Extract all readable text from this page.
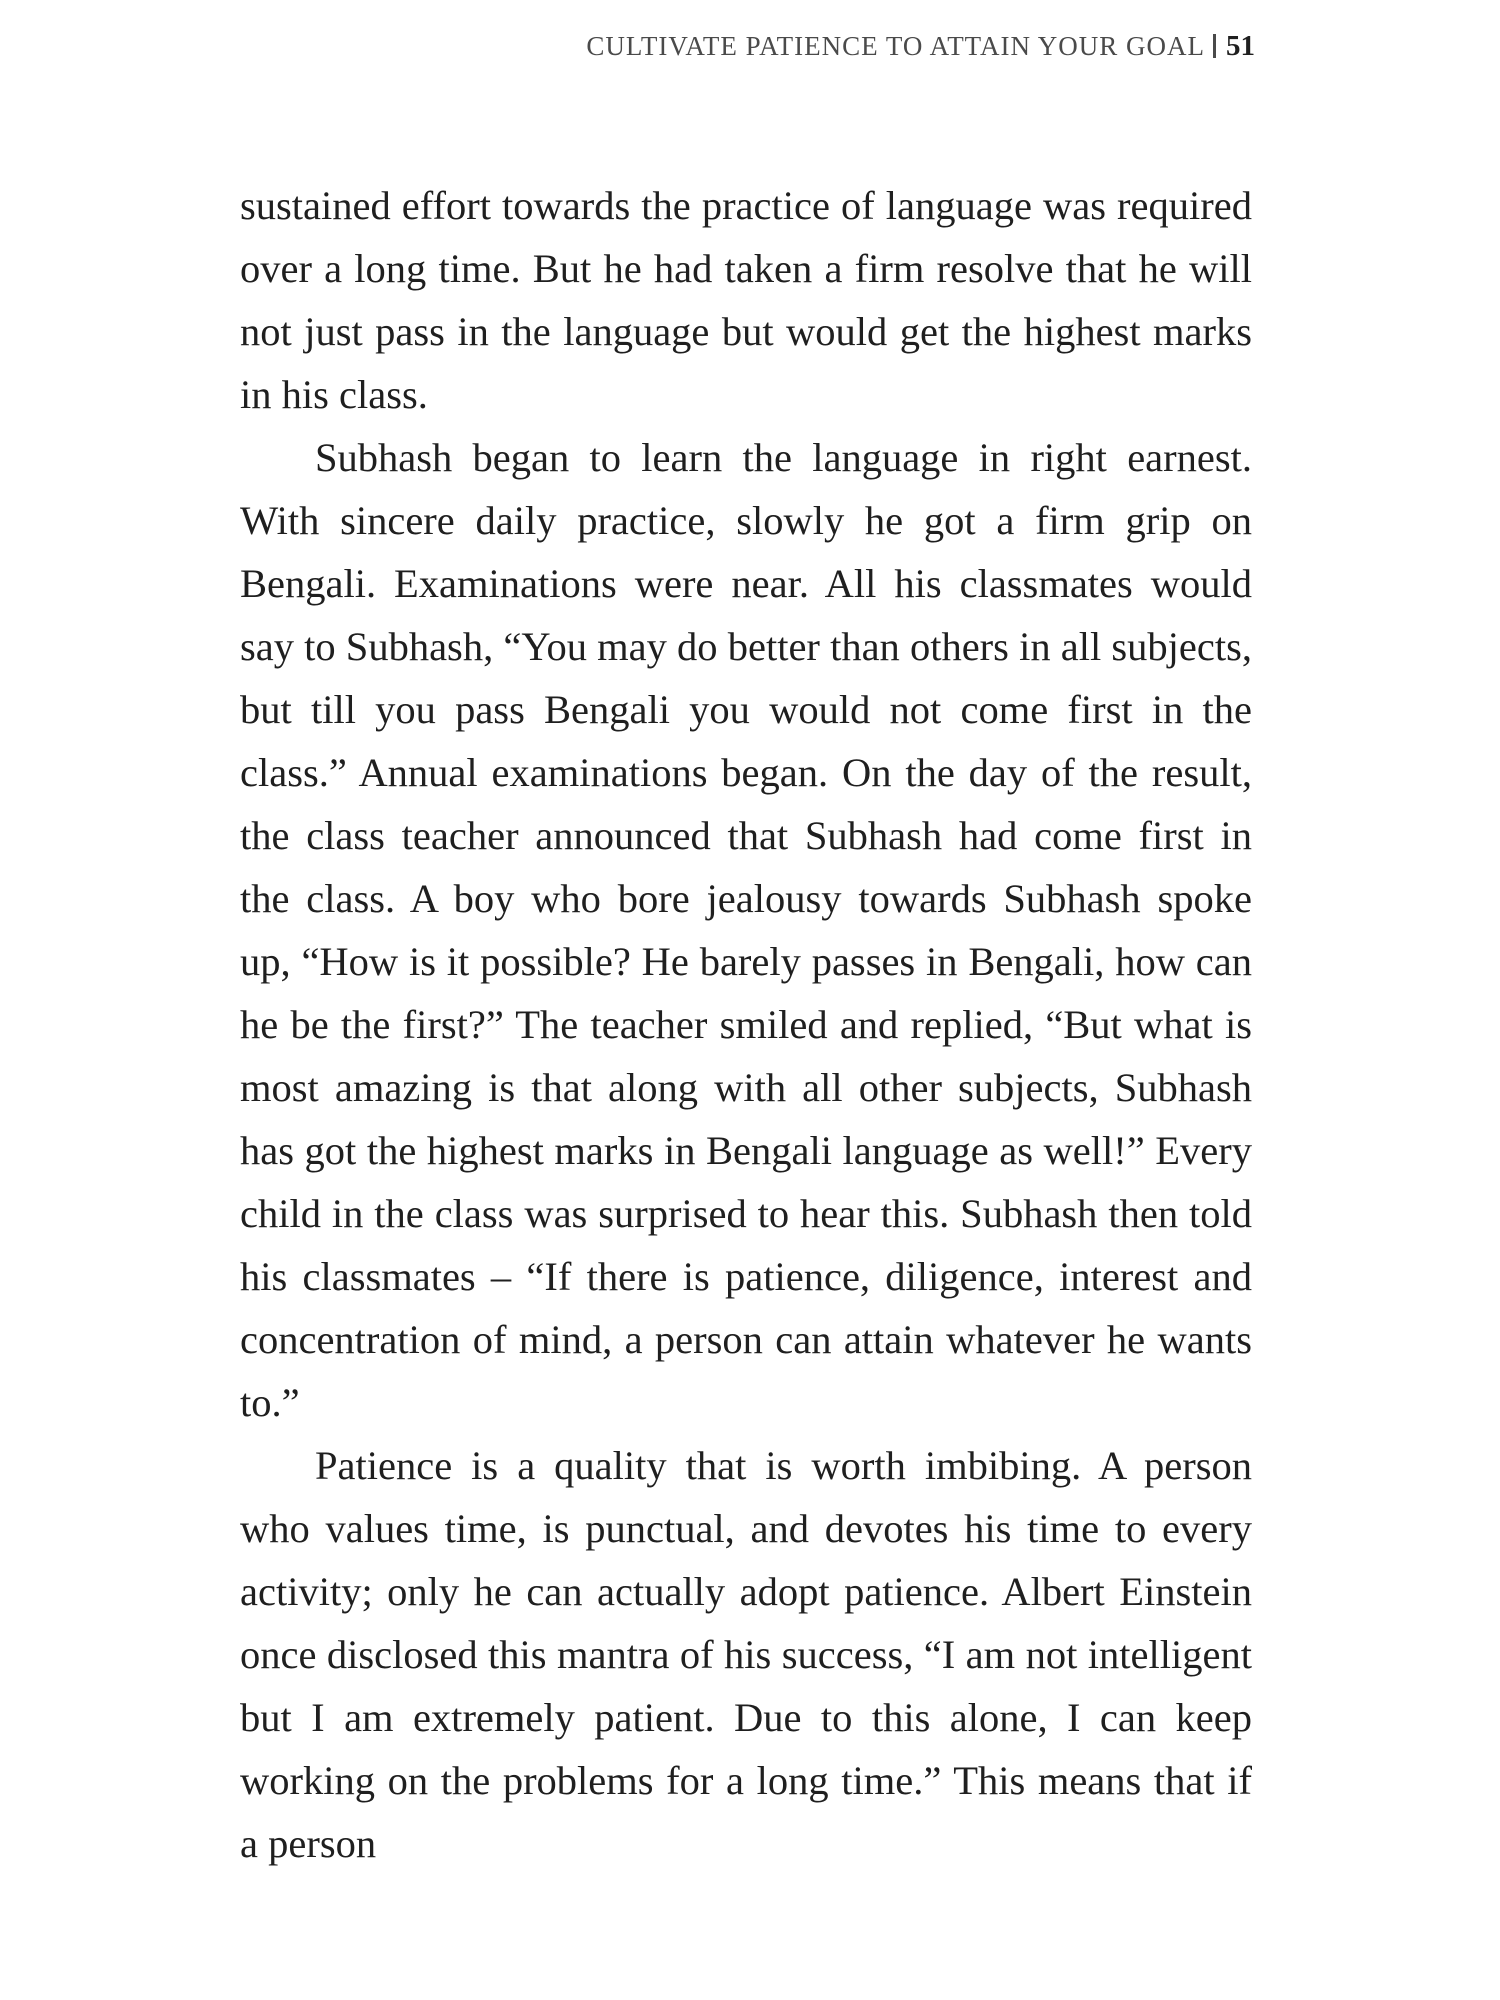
CULTIVATE PATIENCE TO ATTAIN YOUR GOAL 51

sustained effort towards the practice of language was required over a long time. But he had taken a firm resolve that he will not just pass in the language but would get the highest marks in his class.

Subhash began to learn the language in right earnest. With sincere daily practice, slowly he got a firm grip on Bengali. Examinations were near. All his classmates would say to Subhash, “You may do better than others in all subjects, but till you pass Bengali you would not come first in the class.” Annual examinations began. On the day of the result, the class teacher announced that Subhash had come first in the class. A boy who bore jealousy towards Subhash spoke up, “How is it possible? He barely passes in Bengali, how can he be the first?” The teacher smiled and replied, “But what is most amazing is that along with all other subjects, Subhash has got the highest marks in Bengali language as well!” Every child in the class was surprised to hear this. Subhash then told his classmates – “If there is patience, diligence, interest and concentration of mind, a person can attain whatever he wants to.”

Patience is a quality that is worth imbibing. A person who values time, is punctual, and devotes his time to every activity; only he can actually adopt patience. Albert Einstein once disclosed this mantra of his success, “I am not intelligent but I am extremely patient. Due to this alone, I can keep working on the problems for a long time.” This means that if a person
